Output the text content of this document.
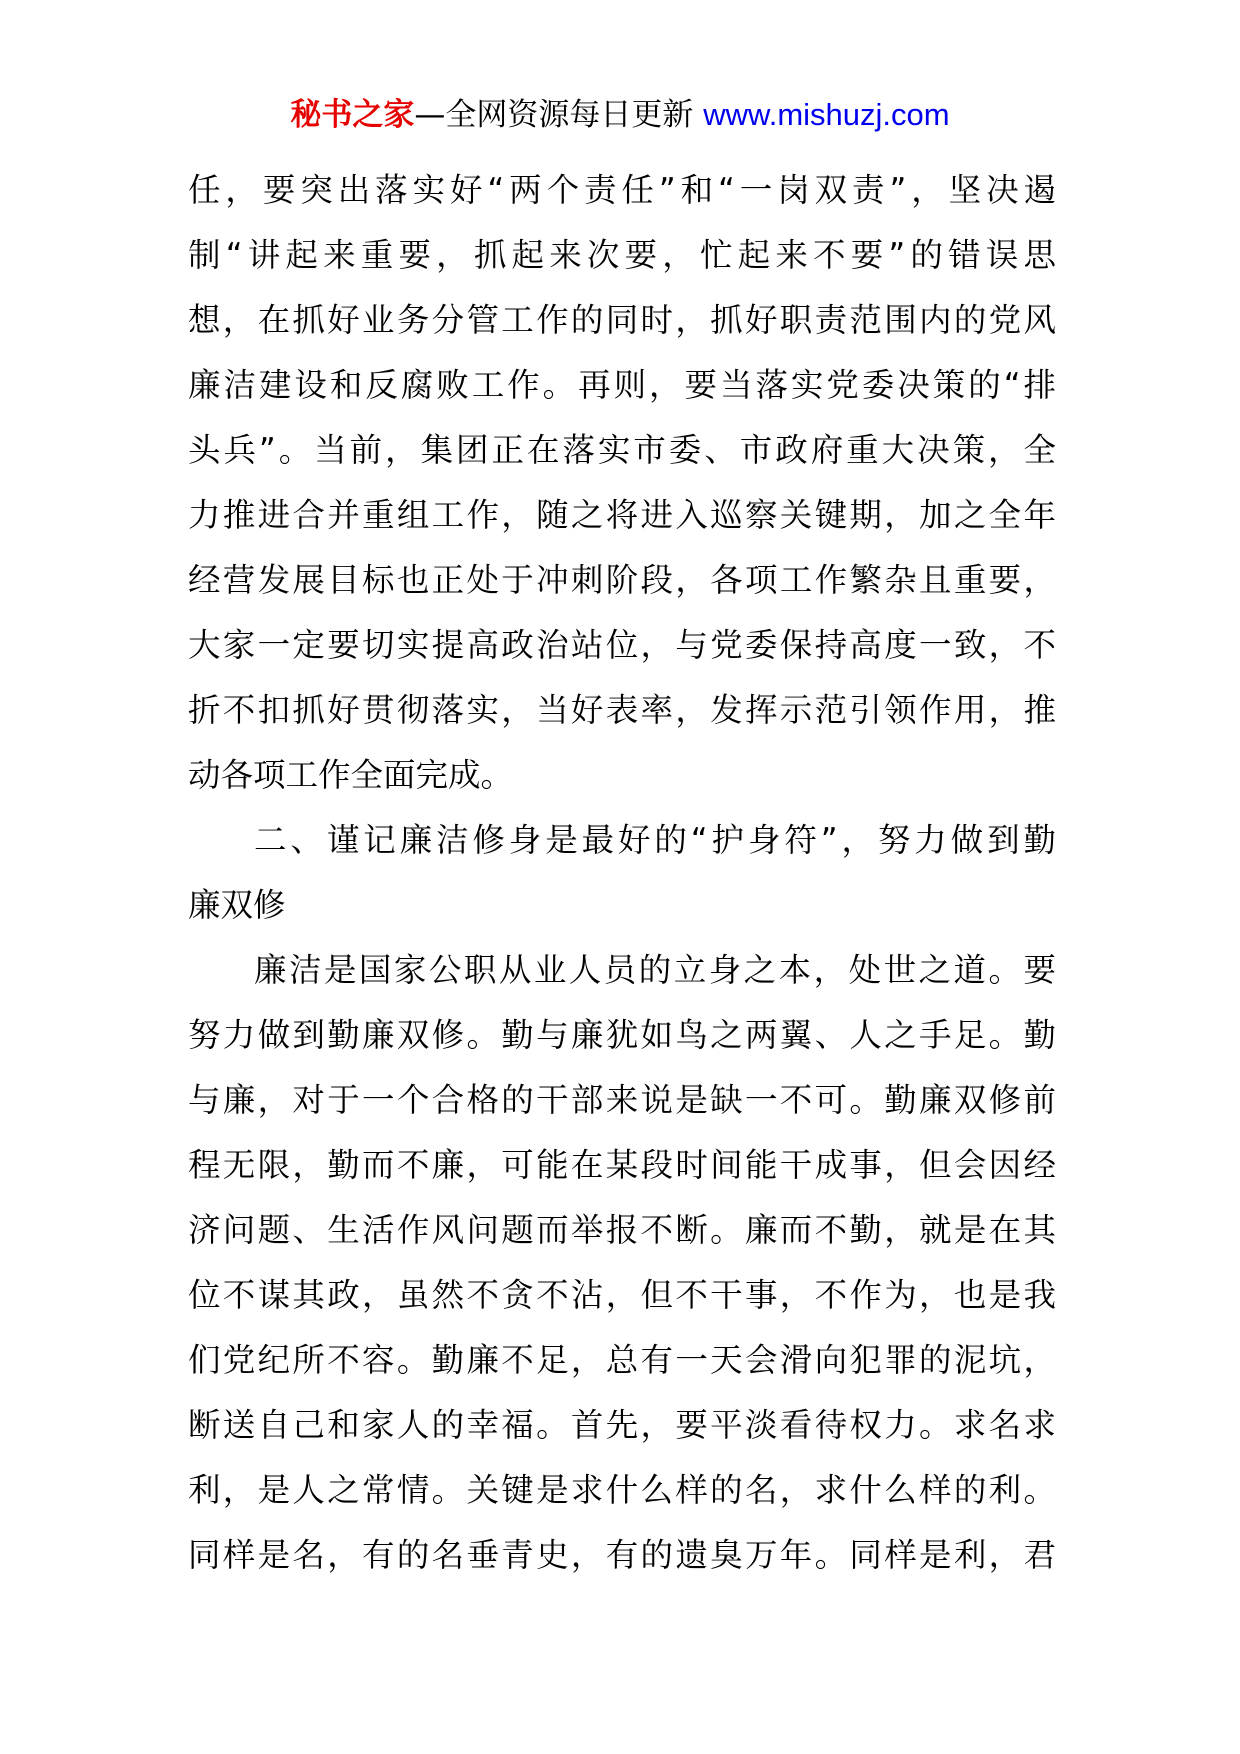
秘书之家—全网资源每日更新 www.mishuzj.com
任，要突出落实好“两个责任”和“一岗双责”，坚决遏
制“讲起来重要，抓起来次要，忙起来不要”的错误思
想，在抓好业务分管工作的同时，抓好职责范围内的党风
廉洁建设和反腐败工作。再则，要当落实党委决策的“排
头兵”。当前，集团正在落实市委、市政府重大决策，全
力推进合并重组工作，随之将进入巡察关键期，加之全年
经营发展目标也正处于冲刺阶段，各项工作繁杂且重要，
大家一定要切实提高政治站位，与党委保持高度一致，不
折不扣抓好贯彻落实，当好表率，发挥示范引领作用，推
动各项工作全面完成。
二、谨记廉洁修身是最好的“护身符”，努力做到勤
廉双修
廉洁是国家公职从业人员的立身之本，处世之道。要
努力做到勤廉双修。勤与廉犹如鸟之两翼、人之手足。勤
与廉，对于一个合格的干部来说是缺一不可。勤廉双修前
程无限，勤而不廉，可能在某段时间能干成事，但会因经
济问题、生活作风问题而举报不断。廉而不勤，就是在其
位不谋其政，虽然不贪不沾，但不干事，不作为，也是我
们党纪所不容。勤廉不足，总有一天会滑向犯罪的泥坑，
断送自己和家人的幸福。首先，要平淡看待权力。求名求
利，是人之常情。关键是求什么样的名，求什么样的利。
同样是名，有的名垂青史，有的遗臭万年。同样是利，君
